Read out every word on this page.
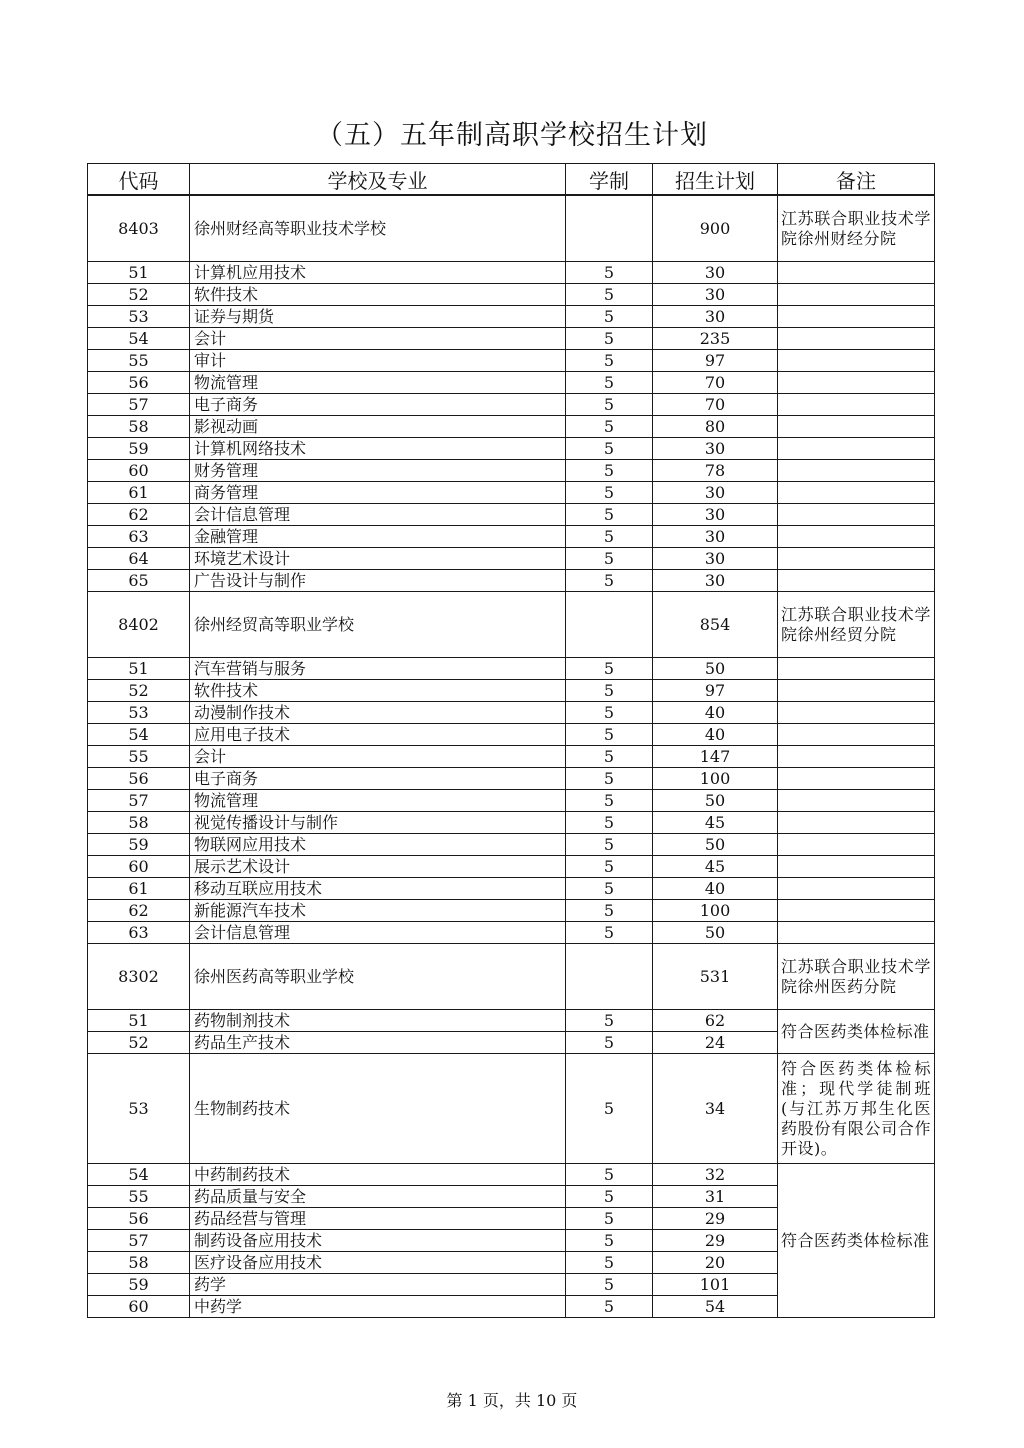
（五）五年制高职学校招生计划
代码	学校及专业	学制	招生计划	备注
8403	徐州财经高等职业技术学校		900	江苏联合职业技术学院徐州财经分院
51	计算机应用技术	5	30	
52	软件技术	5	30	
53	证券与期货	5	30	
54	会计	5	235	
55	审计	5	97	
56	物流管理	5	70	
57	电子商务	5	70	
58	影视动画	5	80	
59	计算机网络技术	5	30	
60	财务管理	5	78	
61	商务管理	5	30	
62	会计信息管理	5	30	
63	金融管理	5	30	
64	环境艺术设计	5	30	
65	广告设计与制作	5	30	
8402	徐州经贸高等职业学校		854	江苏联合职业技术学院徐州经贸分院
51	汽车营销与服务	5	50	
52	软件技术	5	97	
53	动漫制作技术	5	40	
54	应用电子技术	5	40	
55	会计	5	147	
56	电子商务	5	100	
57	物流管理	5	50	
58	视觉传播设计与制作	5	45	
59	物联网应用技术	5	50	
60	展示艺术设计	5	45	
61	移动互联应用技术	5	40	
62	新能源汽车技术	5	100	
63	会计信息管理	5	50	
8302	徐州医药高等职业学校		531	江苏联合职业技术学院徐州医药分院
51	药物制剂技术	5	62	符合医药类体检标准
52	药品生产技术	5	24	
53	生物制药技术	5	34	符合医药类体检标准；现代学徒制班(与江苏万邦生化医药股份有限公司合作开设)。
54	中药制药技术	5	32	符合医药类体检标准
55	药品质量与安全	5	31	
56	药品经营与管理	5	29	
57	制药设备应用技术	5	29	
58	医疗设备应用技术	5	20	
59	药学	5	101	
60	中药学	5	54	
第 1 页，共 10 页
